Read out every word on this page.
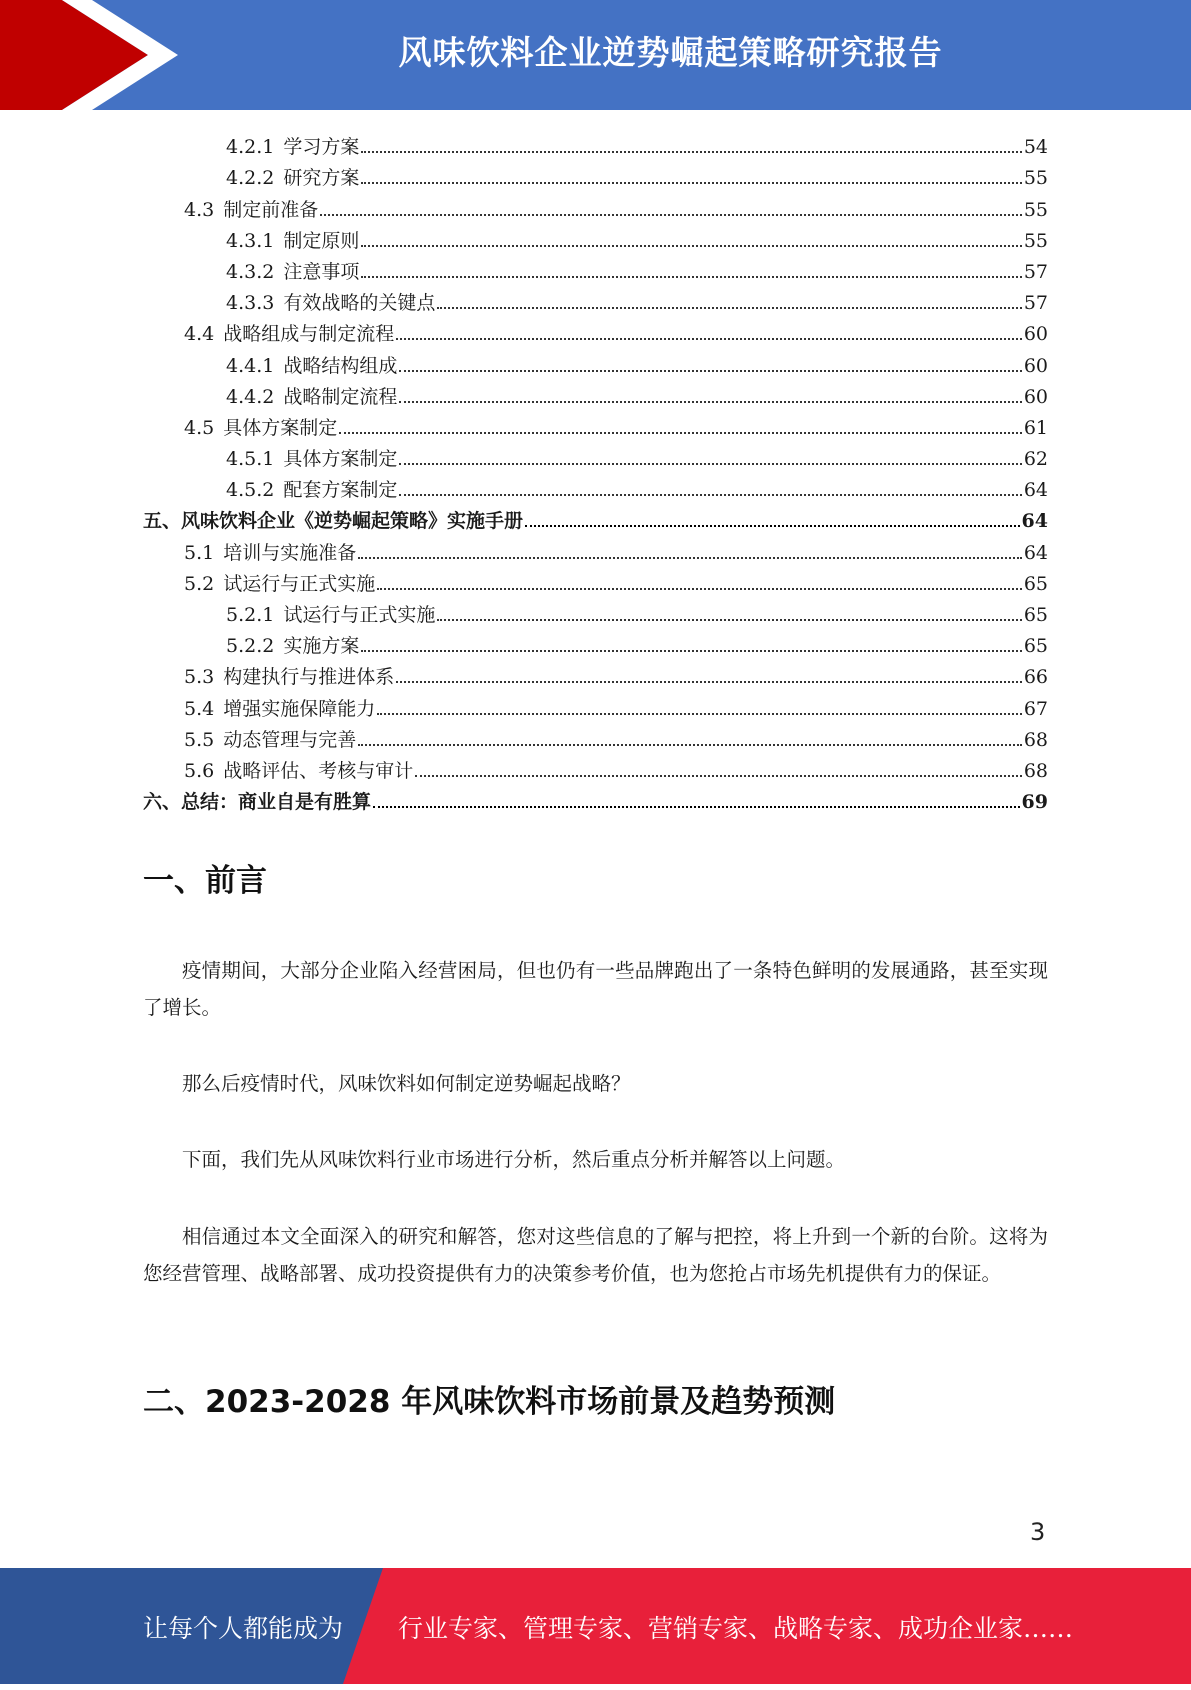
风味饮料企业逆势崛起策略研究报告
4.2.1 学习方案	54
4.2.2 研究方案	55
4.3 制定前准备	55
4.3.1 制定原则	55
4.3.2 注意事项	57
4.3.3 有效战略的关键点	57
4.4 战略组成与制定流程	60
4.4.1 战略结构组成	60
4.4.2 战略制定流程	60
4.5 具体方案制定	61
4.5.1 具体方案制定	62
4.5.2 配套方案制定	64
五、风味饮料企业《逆势崛起策略》实施手册	64
5.1 培训与实施准备	64
5.2 试运行与正式实施	65
5.2.1 试运行与正式实施	65
5.2.2 实施方案	65
5.3 构建执行与推进体系	66
5.4 增强实施保障能力	67
5.5 动态管理与完善	68
5.6 战略评估、考核与审计	68
六、总结：商业自是有胜算	69
一、前言

疫情期间，大部分企业陷入经营困局，但也仍有一些品牌跑出了一条特色鲜明的发展通路，甚至实现了增长。

那么后疫情时代，风味饮料如何制定逆势崛起战略？

下面，我们先从风味饮料行业市场进行分析，然后重点分析并解答以上问题。

相信通过本文全面深入的研究和解答，您对这些信息的了解与把控，将上升到一个新的台阶。这将为您经营管理、战略部署、成功投资提供有力的决策参考价值，也为您抢占市场先机提供有力的保证。

二、2023-2028 年风味饮料市场前景及趋势预测
3
让每个人都能成为 行业专家、管理专家、营销专家、战略专家、成功企业家……
